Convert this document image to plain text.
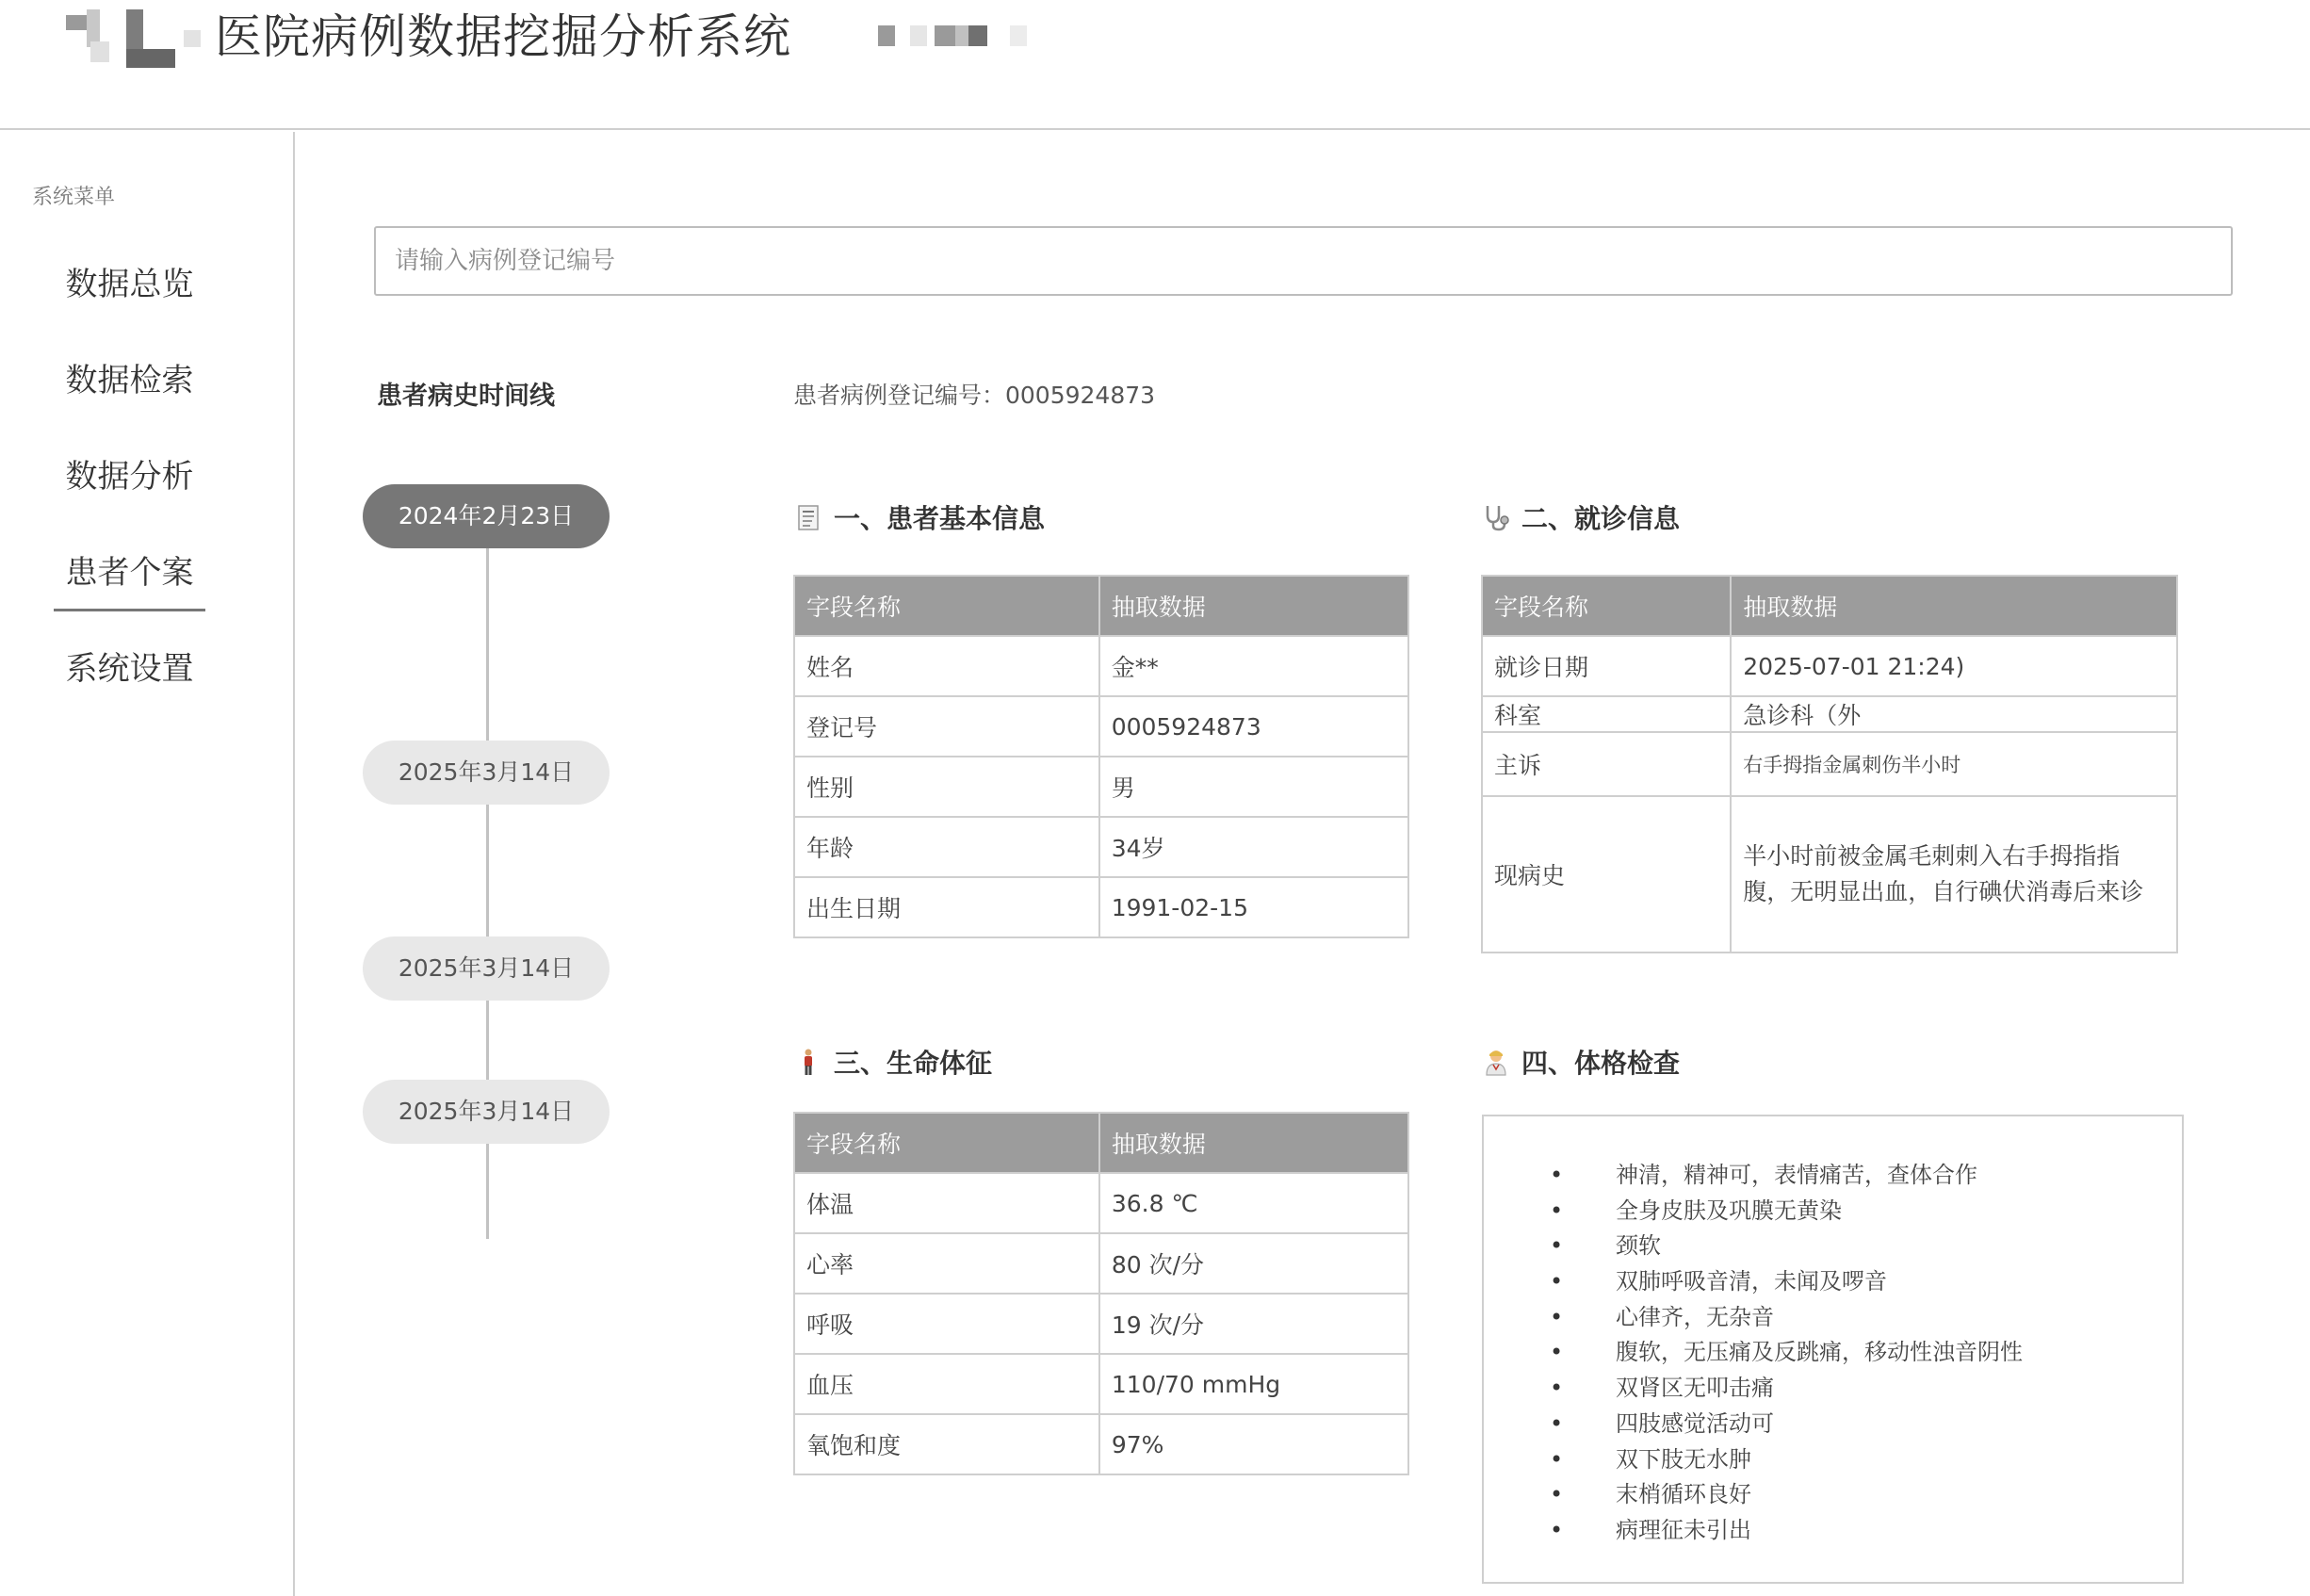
医院病例数据挖掘分析系统
系统菜单
数据总览
数据检索
数据分析
患者个案
系统设置
请输入病例登记编号
患者病史时间线
2024年2月23日
2025年3月14日
2025年3月14日
2025年3月14日
患者病例登记编号：0005924873
一、患者基本信息
字段名称	抽取数据
姓名	金**
登记号	0005924873
性别	男
年龄	34岁
出生日期	1991-02-15
二、就诊信息
字段名称	抽取数据
就诊日期	2025-07-01 21:24)
科室	急诊科（外
主诉	右手拇指金属刺伤半小时
现病史	半小时前被金属毛刺刺入右手拇指指腹，无明显出血，自行碘伏消毒后来诊
三、生命体征
字段名称	抽取数据
体温	36.8 ℃
心率	80 次/分
呼吸	19 次/分
血压	110/70 mmHg
氧饱和度	97%
四、体格检查
• 神清，精神可，表情痛苦，查体合作
• 全身皮肤及巩膜无黄染
• 颈软
• 双肺呼吸音清，未闻及啰音
• 心律齐，无杂音
• 腹软，无压痛及反跳痛，移动性浊音阴性
• 双肾区无叩击痛
• 四肢感觉活动可
• 双下肢无水肿
• 末梢循环良好
• 病理征未引出
